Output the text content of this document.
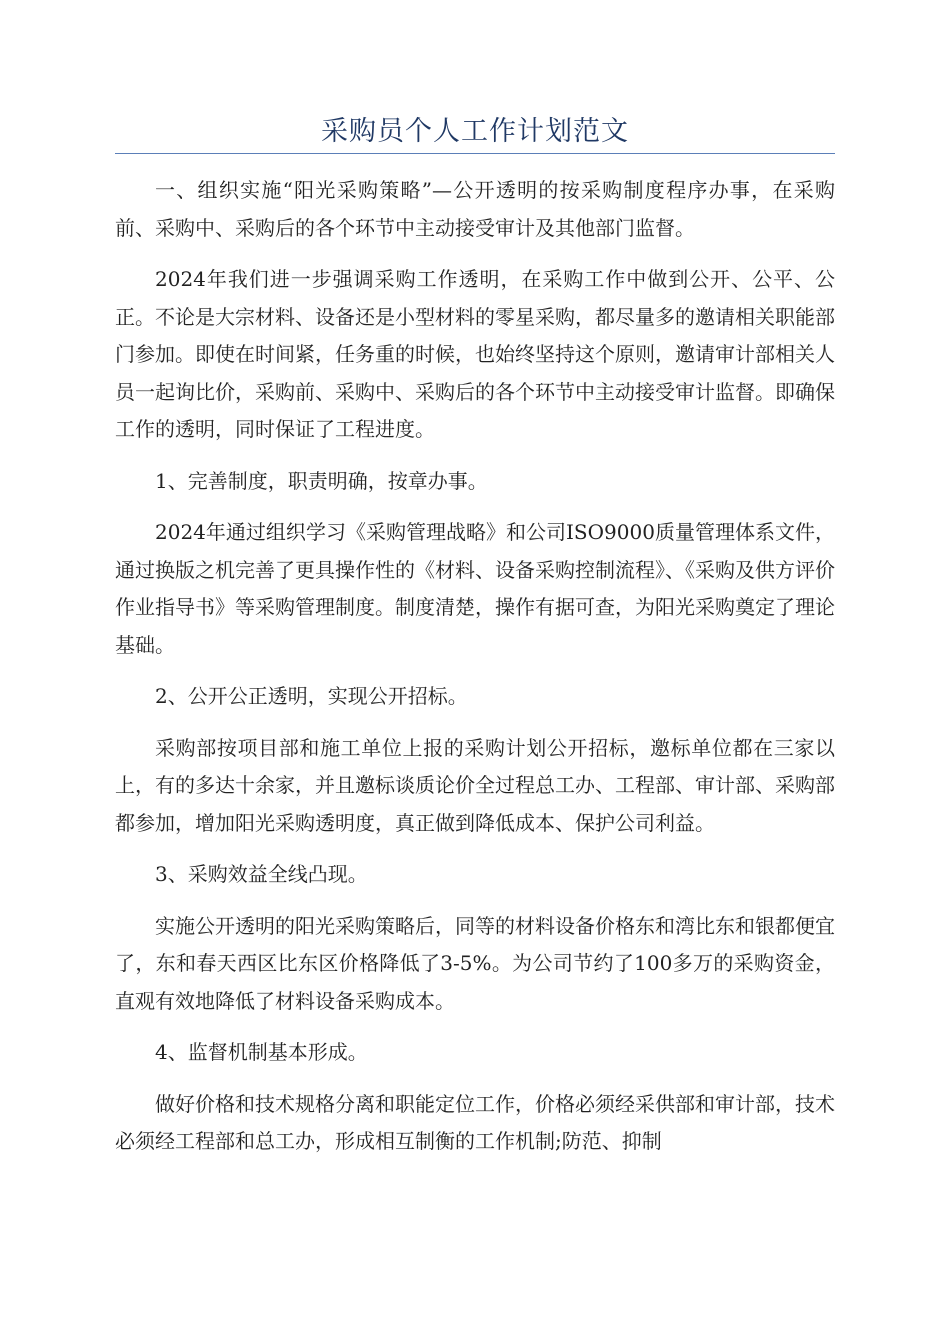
采购员个人工作计划范文

一、组织实施“阳光采购策略”—公开透明的按采购制度程序办事，在采购前、采购中、采购后的各个环节中主动接受审计及其他部门监督。

2024年我们进一步强调采购工作透明，在采购工作中做到公开、公平、公正。不论是大宗材料、设备还是小型材料的零星采购，都尽量多的邀请相关职能部门参加。即使在时间紧，任务重的时候，也始终坚持这个原则，邀请审计部相关人员一起询比价，采购前、采购中、采购后的各个环节中主动接受审计监督。即确保工作的透明，同时保证了工程进度。

1、完善制度，职责明确，按章办事。

2024年通过组织学习《采购管理战略》和公司ISO9000质量管理体系文件，通过换版之机完善了更具操作性的《材料、设备采购控制流程》、《采购及供方评价作业指导书》等采购管理制度。制度清楚，操作有据可查，为阳光采购奠定了理论基础。

2、公开公正透明，实现公开招标。

采购部按项目部和施工单位上报的采购计划公开招标，邀标单位都在三家以上，有的多达十余家，并且邀标谈质论价全过程总工办、工程部、审计部、采购部都参加，增加阳光采购透明度，真正做到降低成本、保护公司利益。

3、采购效益全线凸现。

实施公开透明的阳光采购策略后，同等的材料设备价格东和湾比东和银都便宜了，东和春天西区比东区价格降低了3-5%。为公司节约了100多万的采购资金，直观有效地降低了材料设备采购成本。

4、监督机制基本形成。

做好价格和技术规格分离和职能定位工作，价格必须经采供部和审计部，技术必须经工程部和总工办，形成相互制衡的工作机制;防范、抑制
